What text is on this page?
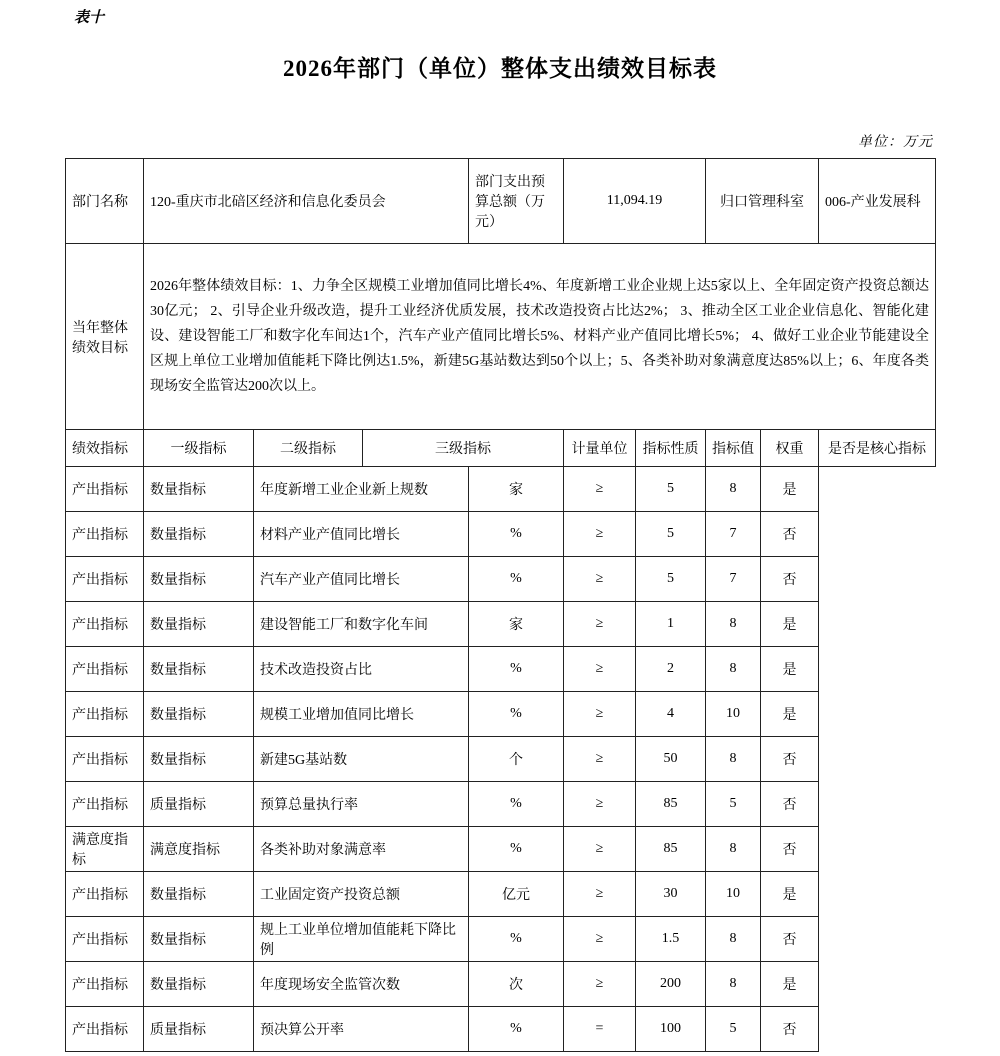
表十
2026年部门（单位）整体支出绩效目标表
单位：万元
部门名称	120-重庆市北碚区经济和信息化委员会			部门支出预算总额（万元）	11,094.19		归口管理科室		006-产业发展科
当年整体绩效目标	2026年整体绩效目标：1、力争全区规模工业增加值同比增长4%、年度新增工业企业规上达5家以上、全年固定资产投资总额达30亿元； 2、引导企业升级改造，提升工业经济优质发展，技术改造投资占比达2%； 3、推动全区工业企业信息化、智能化建设、建设智能工厂和数字化车间达1个，汽车产业产值同比增长5%、材料产业产值同比增长5%； 4、做好工业企业节能建设全区规上单位工业增加值能耗下降比例达1.5%，新建5G基站数达到50个以上；5、各类补助对象满意度达85%以上；6、年度各类现场安全监管达200次以上。								
绩效指标	一级指标	二级指标	三级指标		计量单位	指标性质	指标值	权重	是否是核心指标
产出指标	数量指标	年度新增工业企业新上规数		家	≥	5	8	是	
产出指标	数量指标	材料产业产值同比增长		%	≥	5	7	否	
产出指标	数量指标	汽车产业产值同比增长		%	≥	5	7	否	
产出指标	数量指标	建设智能工厂和数字化车间		家	≥	1	8	是	
产出指标	数量指标	技术改造投资占比		%	≥	2	8	是	
产出指标	数量指标	规模工业增加值同比增长		%	≥	4	10	是	
产出指标	数量指标	新建5G基站数		个	≥	50	8	否	
产出指标	质量指标	预算总量执行率		%	≥	85	5	否	
满意度指标	满意度指标	各类补助对象满意率		%	≥	85	8	否	
产出指标	数量指标	工业固定资产投资总额		亿元	≥	30	10	是	
产出指标	数量指标	规上工业单位增加值能耗下降比例		%	≥	1.5	8	否	
产出指标	数量指标	年度现场安全监管次数		次	≥	200	8	是	
产出指标	质量指标	预决算公开率		%	=	100	5	否	
